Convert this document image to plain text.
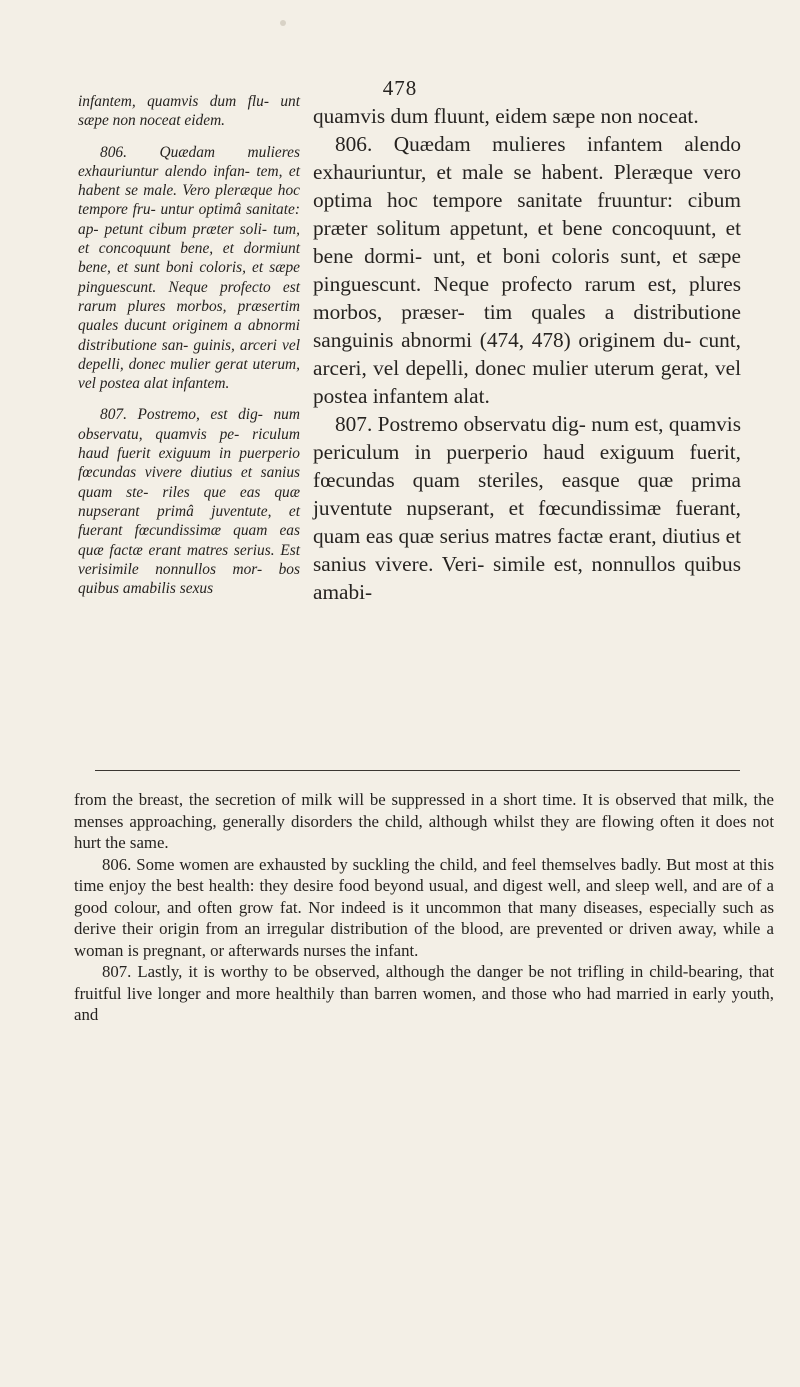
478

infantem, quamvis dum flu- unt sæpe non noceat eidem.

806. Quædam mulieres exhauriuntur alendo infan- tem, et habent se male. Vero pleræque hoc tempore fru- untur optimâ sanitate: ap- petunt cibum præter soli- tum, et concoquunt bene, et dormiunt bene, et sunt boni coloris, et sæpe pinguescunt. Neque profecto est rarum plures morbos, præsertim quales ducunt originem a abnormi distributione san- guinis, arceri vel depelli, donec mulier gerat uterum, vel postea alat infantem.

807. Postremo, est dig- num observatu, quamvis pe- riculum haud fuerit exiguum in puerperio fœcundas vivere diutius et sanius quam ste- riles que eas quæ nupserant primâ juventute, et fuerant fœcundissimæ quam eas quæ factæ erant matres serius. Est verisimile nonnullos mor- bos quibus amabilis sexus

quamvis dum fluunt, eidem sæpe non noceat.

806. Quædam mulieres infantem alendo exhauriuntur, et male se habent. Pleræque vero optima hoc tempore sanitate fruuntur: cibum præter solitum appetunt, et bene concoquunt, et bene dormi- unt, et boni coloris sunt, et sæpe pinguescunt. Neque profecto rarum est, plures morbos, præser- tim quales a distributione sanguinis abnormi (474, 478) originem du- cunt, arceri, vel depelli, donec mulier uterum gerat, vel postea infantem alat.

807. Postremo observatu dig- num est, quamvis periculum in puerperio haud exiguum fuerit, fœcundas quam steriles, easque quæ prima juventute nupserant, et fœcundissimæ fuerant, quam eas quæ serius matres factæ erant, diutius et sanius vivere. Veri- simile est, nonnullos quibus amabi-

from the breast, the secretion of milk will be suppressed in a short time. It is observed that milk, the menses approaching, generally disorders the child, although whilst they are flowing often it does not hurt the same.

806. Some women are exhausted by suckling the child, and feel themselves badly. But most at this time enjoy the best health: they desire food beyond usual, and digest well, and sleep well, and are of a good colour, and often grow fat. Nor indeed is it uncommon that many diseases, especially such as derive their origin from an irregular distribution of the blood, are prevented or driven away, while a woman is pregnant, or afterwards nurses the infant.

807. Lastly, it is worthy to be observed, although the danger be not trifling in child-bearing, that fruitful live longer and more healthily than barren women, and those who had married in early youth, and
